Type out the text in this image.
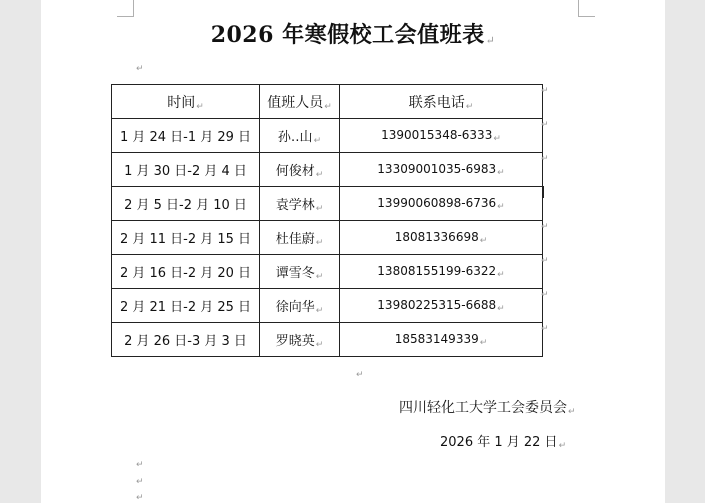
2026 年寒假校工会值班表↵
↵
时间↵	值班人员↵	联系电话↵
1 月 24 日-1 月 29 日	孙‥山↵	1390015348-6333↵
1 月 30 日-2 月 4 日	何俊材↵	13309001035-6983↵
2 月 5 日-2 月 10 日	袁学林↵	13990060898-6736↵
2 月 11 日-2 月 15 日	杜佳蔚↵	18081336698↵
2 月 16 日-2 月 20 日	谭雪冬↵	13808155199-6322↵
2 月 21 日-2 月 25 日	徐向华↵	13980225315-6688↵
2 月 26 日-3 月 3 日	罗晓英↵	18583149339↵
↵
↵
↵
↵
↵
↵
↵
↵
四川轻化工大学工会委员会↵
2026 年 1 月 22 日↵
↵
↵
↵
